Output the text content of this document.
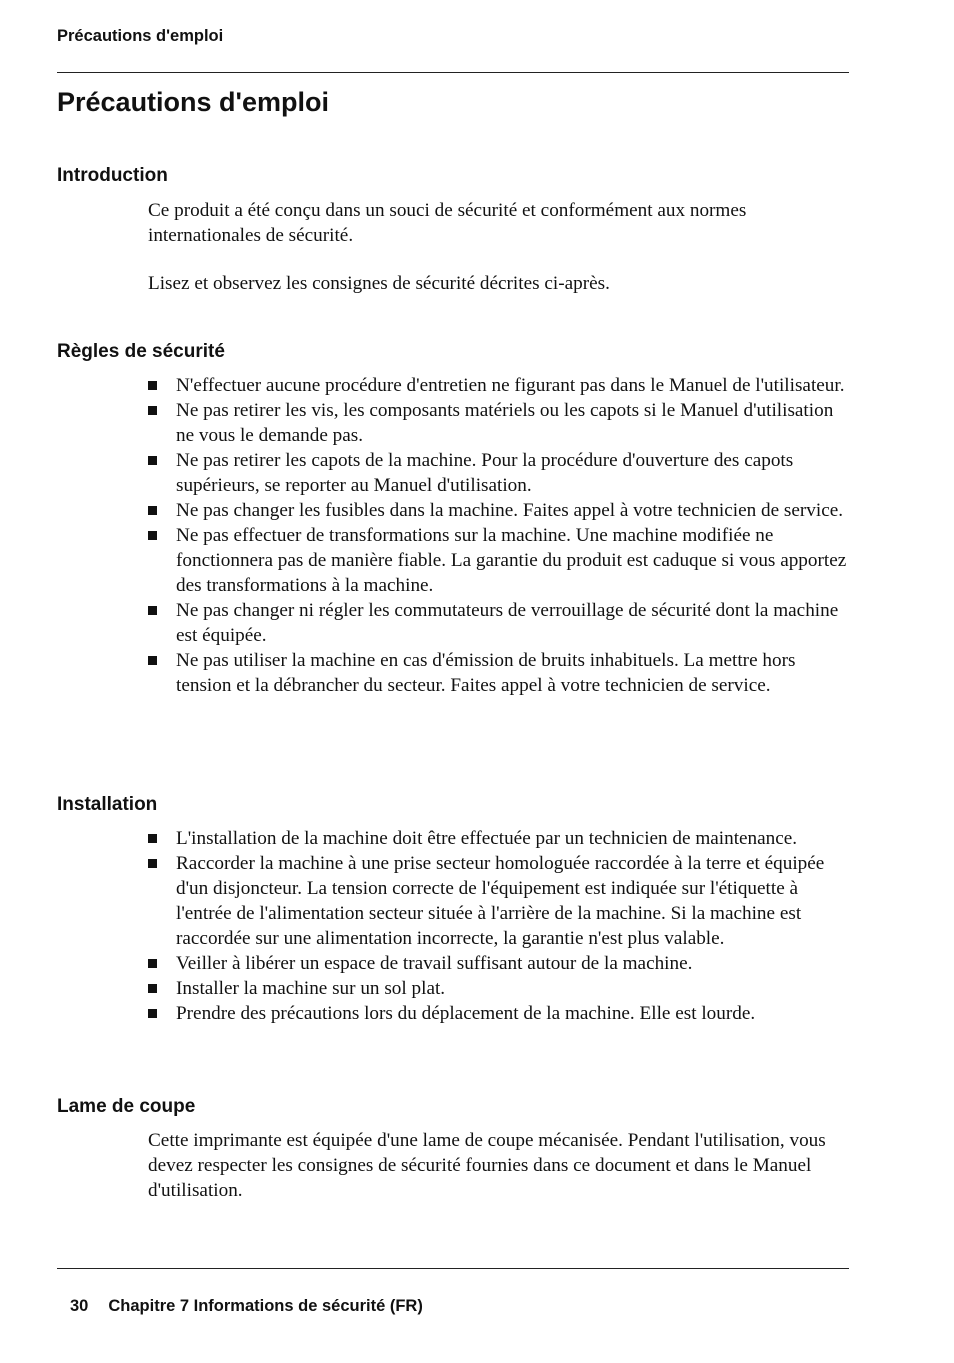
Précautions d'emploi
Précautions d'emploi
Introduction

Ce produit a été conçu dans un souci de sécurité et conformément aux normes internationales de sécurité.

Lisez et observez les consignes de sécurité décrites ci-après.

Règles de sécurité
N'effectuer aucune procédure d'entretien ne figurant pas dans le Manuel de l'utilisateur.
Ne pas retirer les vis, les composants matériels ou les capots si le Manuel d'utilisation ne vous le demande pas.
Ne pas retirer les capots de la machine. Pour la procédure d'ouverture des capots supérieurs, se reporter au Manuel d'utilisation.
Ne pas changer les fusibles dans la machine. Faites appel à votre technicien de service.
Ne pas effectuer de transformations sur la machine. Une machine modifiée ne fonctionnera pas de manière fiable. La garantie du produit est caduque si vous apportez des transformations à la machine.
Ne pas changer ni régler les commutateurs de verrouillage de sécurité dont la machine est équipée.
Ne pas utiliser la machine en cas d'émission de bruits inhabituels. La mettre hors tension et la débrancher du secteur. Faites appel à votre technicien de service.
Installation
L'installation de la machine doit être effectuée par un technicien de maintenance.
Raccorder la machine à une prise secteur homologuée raccordée à la terre et équipée d'un disjoncteur. La tension correcte de l'équipement est indiquée sur l'étiquette à l'entrée de l'alimentation secteur située à l'arrière de la machine. Si la machine est raccordée sur une alimentation incorrecte, la garantie n'est plus valable.
Veiller à libérer un espace de travail suffisant autour de la machine.
Installer la machine sur un sol plat.
Prendre des précautions lors du déplacement de la machine. Elle est lourde.
Lame de coupe

Cette imprimante est équipée d'une lame de coupe mécanisée. Pendant l'utilisation, vous devez respecter les consignes de sécurité fournies dans ce document et dans le Manuel d'utilisation.

30 Chapitre 7 Informations de sécurité (FR)
